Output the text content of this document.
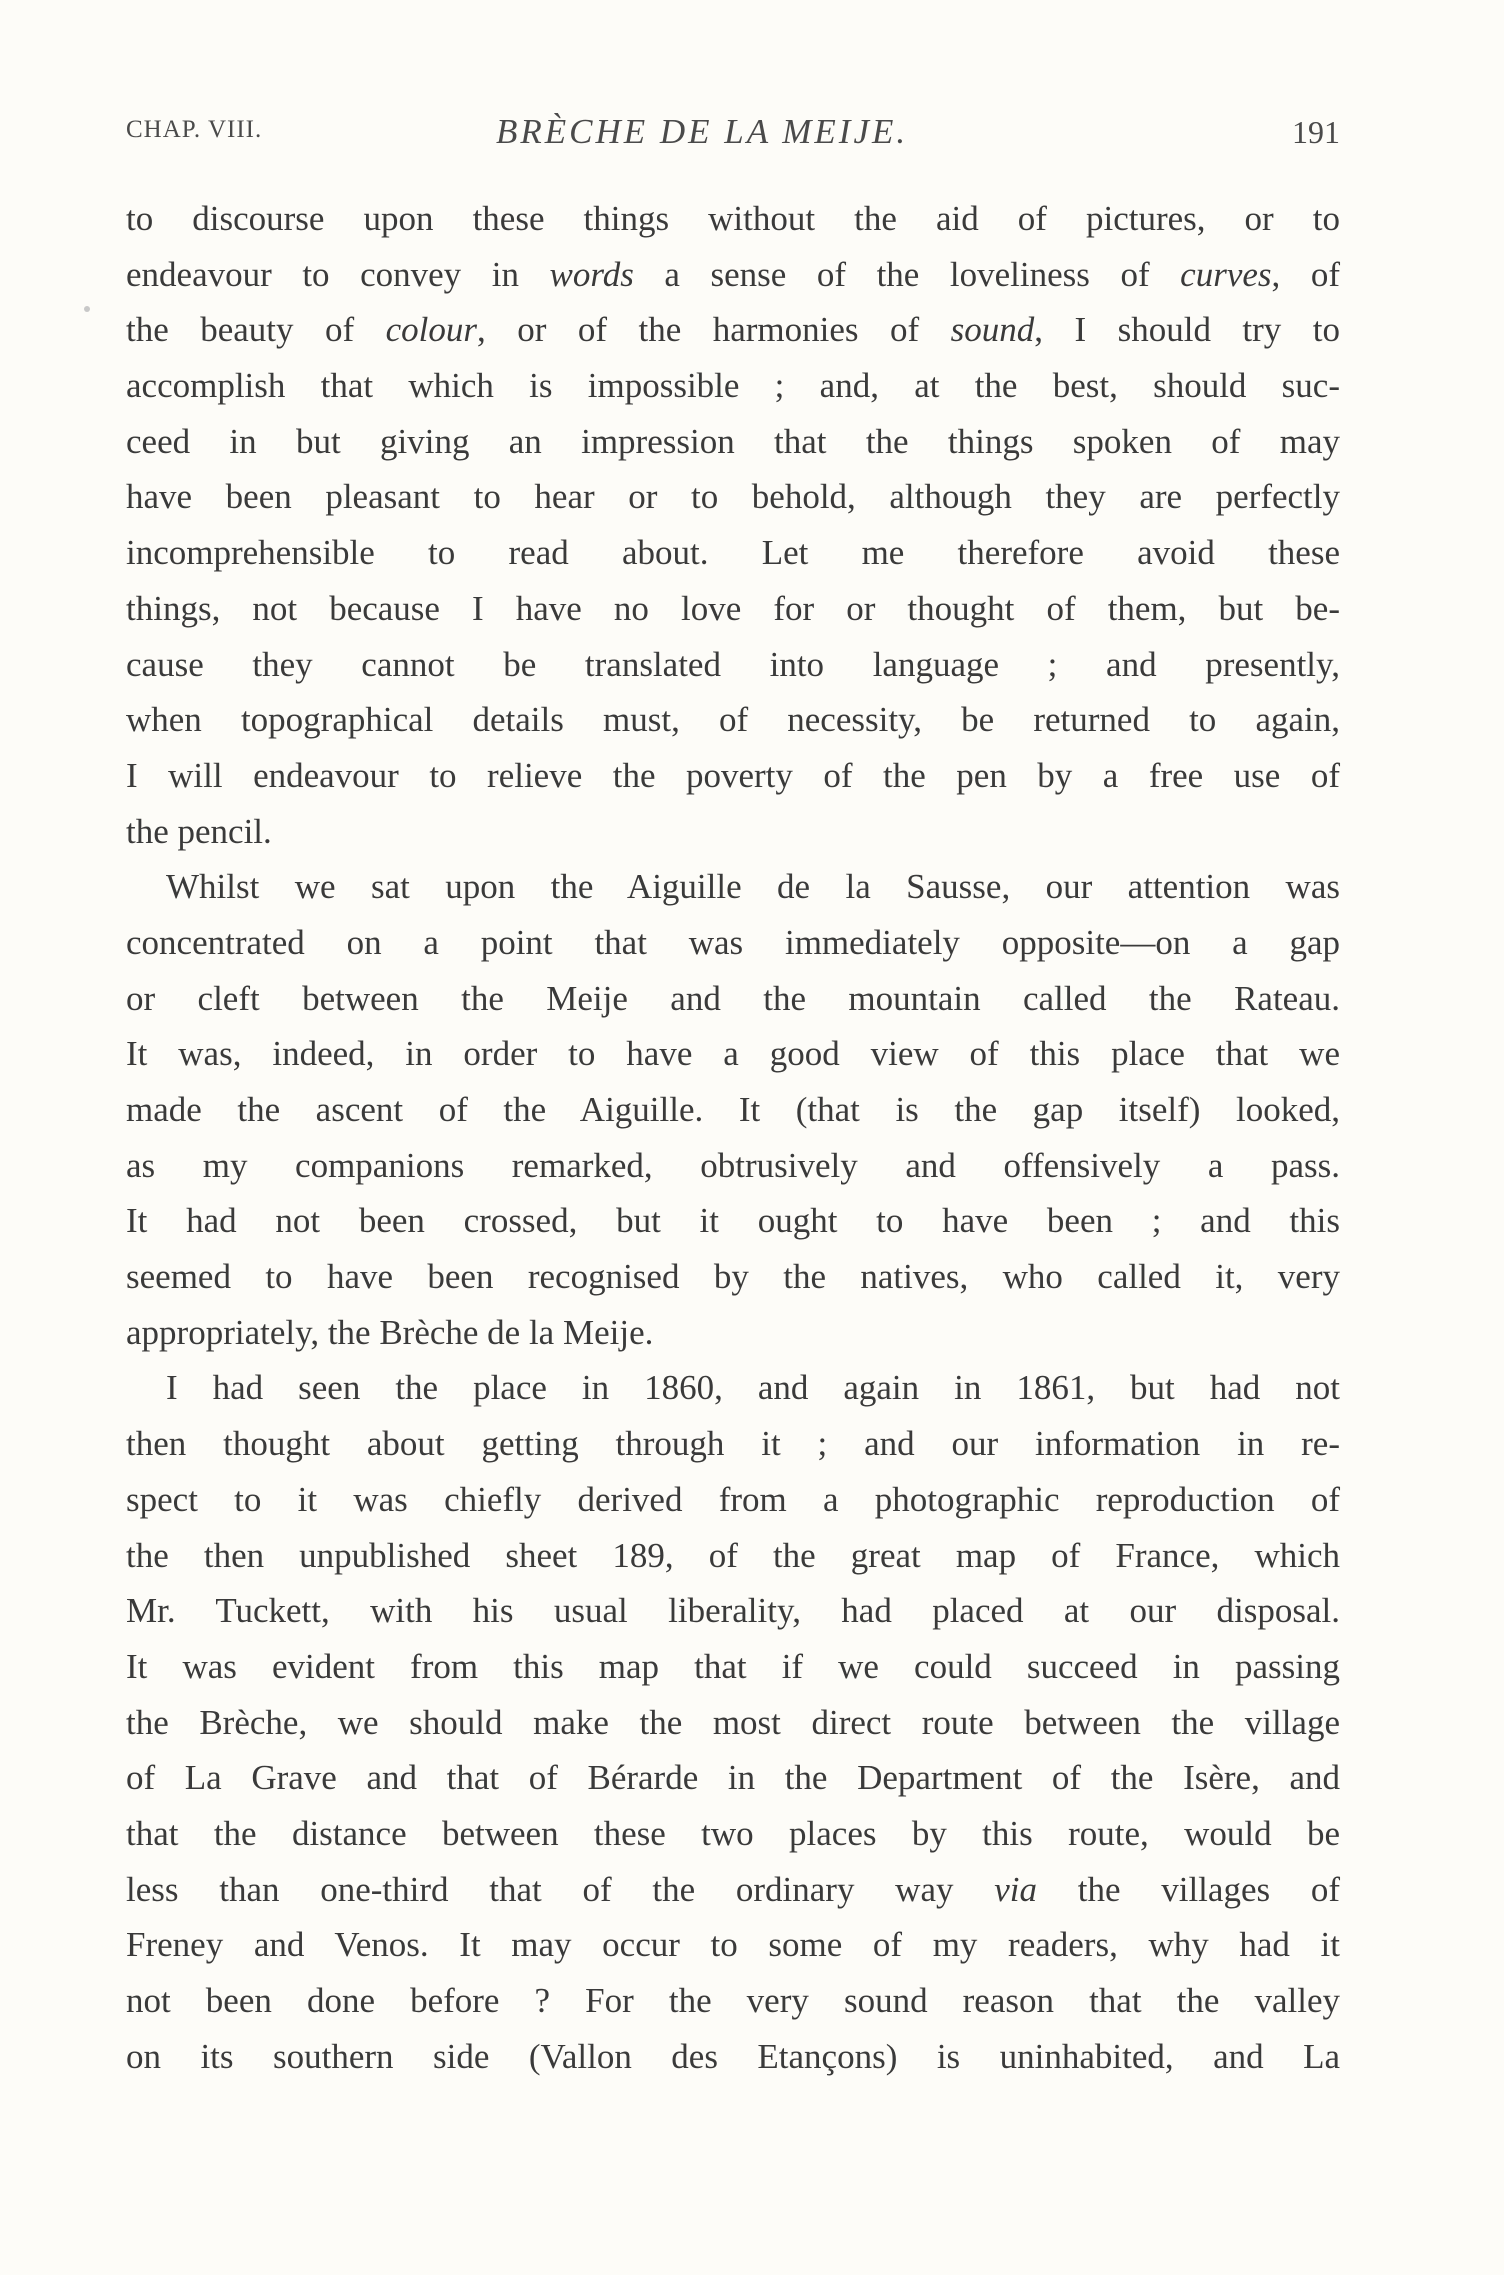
CHAP. VIII.	BRÈCHE DE LA MEIJE.	191
to discourse upon these things without the aid of pictures, or to
endeavour to convey in words a sense of the loveliness of curves, of
the beauty of colour, or of the harmonies of sound, I should try to
accomplish that which is impossible ; and, at the best, should suc-
ceed in but giving an impression that the things spoken of may
have been pleasant to hear or to behold, although they are perfectly
incomprehensible to read about. Let me therefore avoid these
things, not because I have no love for or thought of them, but be-
cause they cannot be translated into language ; and presently,
when topographical details must, of necessity, be returned to again,
I will endeavour to relieve the poverty of the pen by a free use of
the pencil.
Whilst we sat upon the Aiguille de la Sausse, our attention was
concentrated on a point that was immediately opposite—on a gap
or cleft between the Meije and the mountain called the Rateau.
It was, indeed, in order to have a good view of this place that we
made the ascent of the Aiguille. It (that is the gap itself) looked,
as my companions remarked, obtrusively and offensively a pass.
It had not been crossed, but it ought to have been ; and this
seemed to have been recognised by the natives, who called it, very
appropriately, the Brèche de la Meije.
I had seen the place in 1860, and again in 1861, but had not
then thought about getting through it ; and our information in re-
spect to it was chiefly derived from a photographic reproduction of
the then unpublished sheet 189, of the great map of France, which
Mr. Tuckett, with his usual liberality, had placed at our disposal.
It was evident from this map that if we could succeed in passing
the Brèche, we should make the most direct route between the village
of La Grave and that of Bérarde in the Department of the Isère, and
that the distance between these two places by this route, would be
less than one-third that of the ordinary way via the villages of
Freney and Venos. It may occur to some of my readers, why had it
not been done before ? For the very sound reason that the valley
on its southern side (Vallon des Etançons) is uninhabited, and La
